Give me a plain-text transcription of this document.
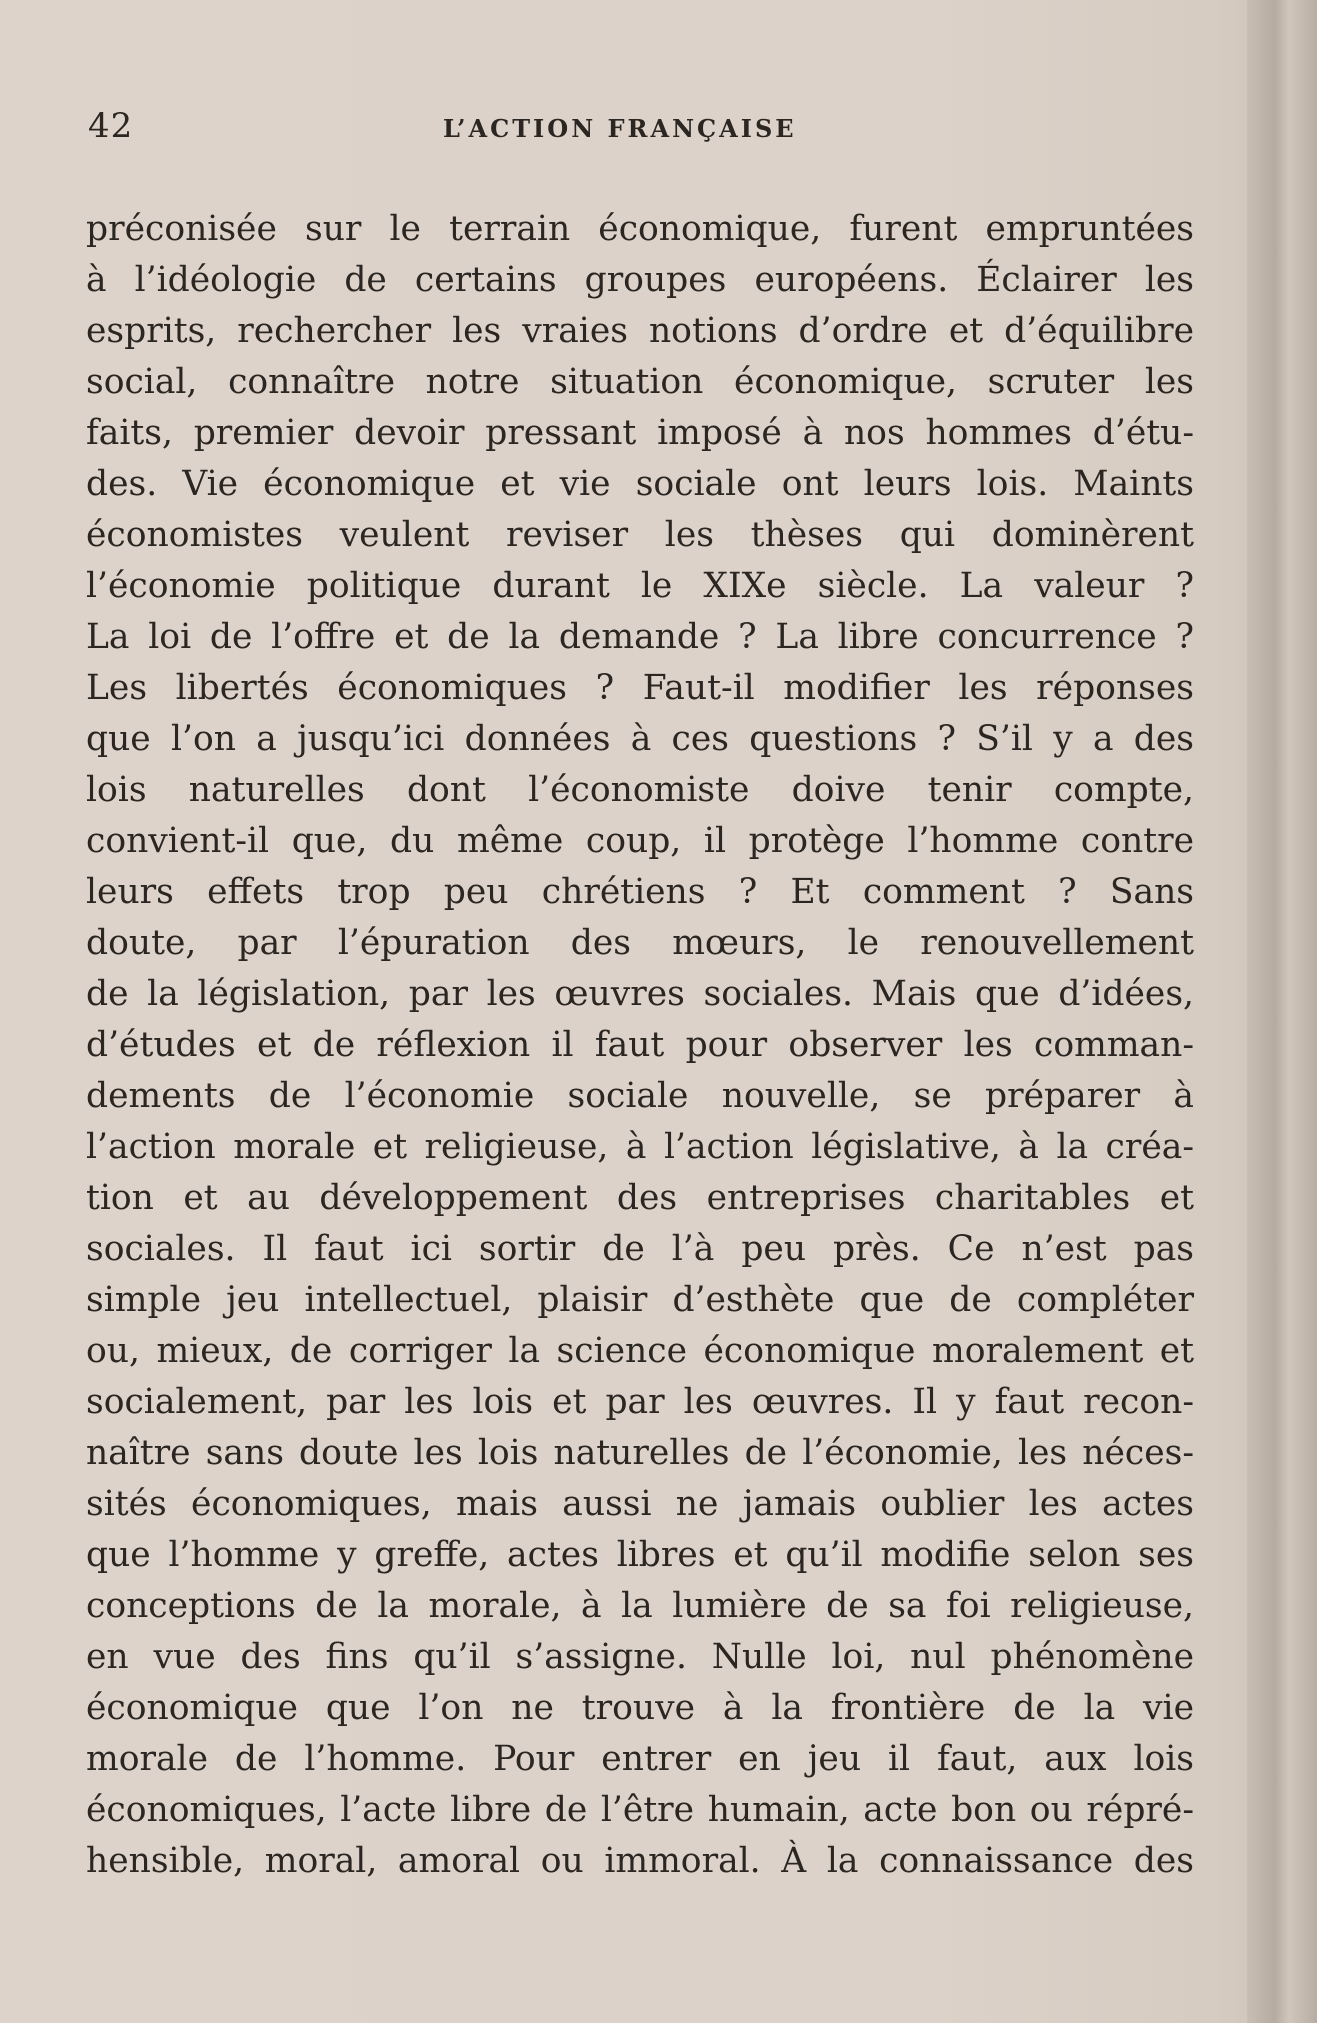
42	L’ACTION FRANÇAISE
préconisée sur le terrain économique, furent empruntées
à l’idéologie de certains groupes européens. Éclairer les
esprits, rechercher les vraies notions d’ordre et d’équilibre
social, connaître notre situation économique, scruter les
faits, premier devoir pressant imposé à nos hommes d’étu-
des. Vie économique et vie sociale ont leurs lois. Maints
économistes veulent reviser les thèses qui dominèrent
l’économie politique durant le XIXe siècle. La valeur ?
La loi de l’offre et de la demande ? La libre concurrence ?
Les libertés économiques ? Faut-il modifier les réponses
que l’on a jusqu’ici données à ces questions ? S’il y a des
lois naturelles dont l’économiste doive tenir compte,
convient-il que, du même coup, il protège l’homme contre
leurs effets trop peu chrétiens ? Et comment ? Sans
doute, par l’épuration des mœurs, le renouvellement
de la législation, par les œuvres sociales. Mais que d’idées,
d’études et de réflexion il faut pour observer les comman-
dements de l’économie sociale nouvelle, se préparer à
l’action morale et religieuse, à l’action législative, à la créa-
tion et au développement des entreprises charitables et
sociales. Il faut ici sortir de l’à peu près. Ce n’est pas
simple jeu intellectuel, plaisir d’esthète que de compléter
ou, mieux, de corriger la science économique moralement et
socialement, par les lois et par les œuvres. Il y faut recon-
naître sans doute les lois naturelles de l’économie, les néces-
sités économiques, mais aussi ne jamais oublier les actes
que l’homme y greffe, actes libres et qu’il modifie selon ses
conceptions de la morale, à la lumière de sa foi religieuse,
en vue des fins qu’il s’assigne. Nulle loi, nul phénomène
économique que l’on ne trouve à la frontière de la vie
morale de l’homme. Pour entrer en jeu il faut, aux lois
économiques, l’acte libre de l’être humain, acte bon ou répré-
hensible, moral, amoral ou immoral. À la connaissance des
